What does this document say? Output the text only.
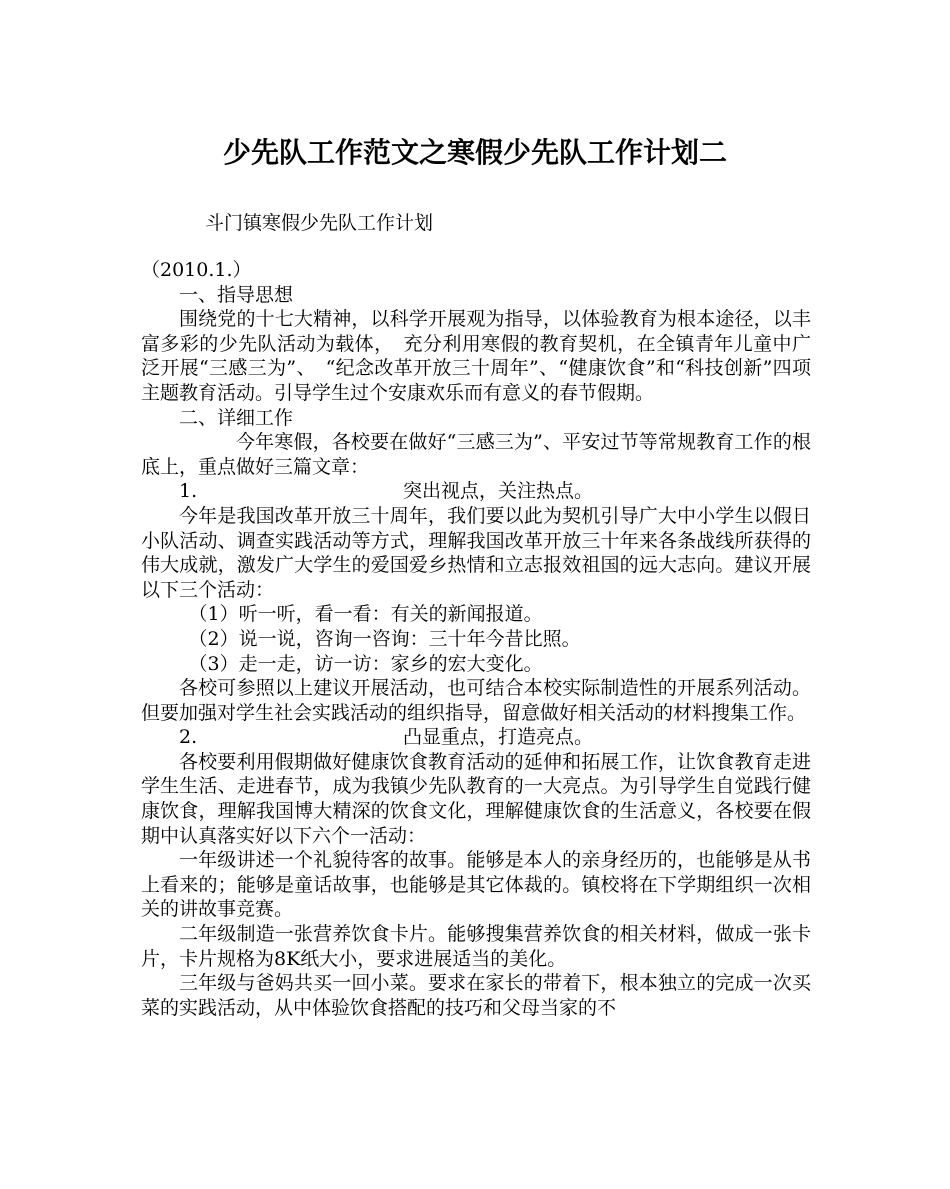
少先队工作范文之寒假少先队工作计划二
斗门镇寒假少先队工作计划

（2010.1.）

一、指导思想

围绕党的十七大精神，以科学开展观为指导，以体验教育为根本途径，以丰富多彩的少先队活动为载体，　充分利用寒假的教育契机，在全镇青年儿童中广泛开展“三感三为”、　“纪念改革开放三十周年”、“健康饮食”和“科技创新”四项主题教育活动。引导学生过个安康欢乐而有意义的春节假期。

二、详细工作

今年寒假，各校要在做好“三感三为”、平安过节等常规教育工作的根底上，重点做好三篇文章：

1.	突出视点，关注热点。

今年是我国改革开放三十周年，我们要以此为契机引导广大中小学生以假日小队活动、调查实践活动等方式，理解我国改革开放三十年来各条战线所获得的伟大成就，激发广大学生的爱国爱乡热情和立志报效祖国的远大志向。建议开展以下三个活动：

（1）听一听，看一看：有关的新闻报道。

（2）说一说，咨询一咨询：三十年今昔比照。

（3）走一走，访一访：家乡的宏大变化。

各校可参照以上建议开展活动，也可结合本校实际制造性的开展系列活动。但要加强对学生社会实践活动的组织指导，留意做好相关活动的材料搜集工作。

2.	凸显重点，打造亮点。

各校要利用假期做好健康饮食教育活动的延伸和拓展工作，让饮食教育走进学生生活、走进春节，成为我镇少先队教育的一大亮点。为引导学生自觉践行健康饮食，理解我国博大精深的饮食文化，理解健康饮食的生活意义，各校要在假期中认真落实好以下六个一活动：

一年级讲述一个礼貌待客的故事。能够是本人的亲身经历的，也能够是从书上看来的；能够是童话故事，也能够是其它体裁的。镇校将在下学期组织一次相关的讲故事竞赛。

二年级制造一张营养饮食卡片。能够搜集营养饮食的相关材料，做成一张卡片，卡片规格为8K纸大小，要求进展适当的美化。

三年级与爸妈共买一回小菜。要求在家长的带着下，根本独立的完成一次买菜的实践活动，从中体验饮食搭配的技巧和父母当家的不
